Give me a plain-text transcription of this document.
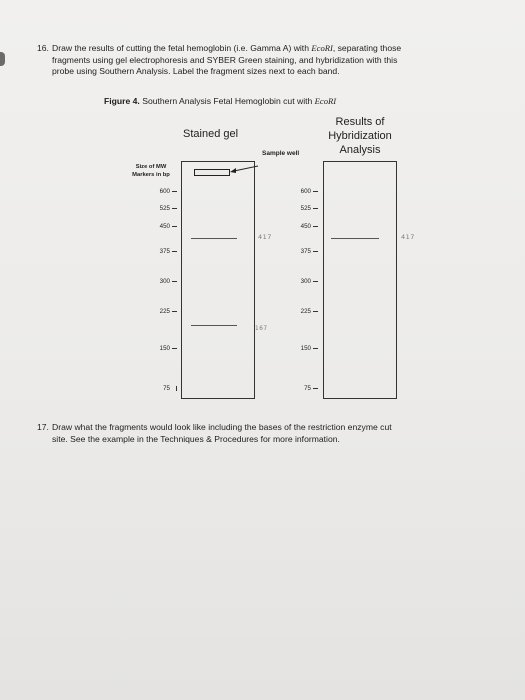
16. Draw the results of cutting the fetal hemoglobin (i.e. Gamma A) with EcoRI, separating those
fragments using gel electrophoresis and SYBER Green staining, and hybridization with this
probe using Southern Analysis. Label the fragment sizes next to each band.
Figure 4. Southern Analysis Fetal Hemoglobin cut with EcoRI
Stained gel
Results of
Hybridization
Analysis
Sample well
Size of MW
Markers in bp
600
525
450
375
300
225
150
75
417
167
600
525
450
375
300
225
150
75
417
17. Draw what the fragments would look like including the bases of the restriction enzyme cut
site. See the example in the Techniques & Procedures for more information.
